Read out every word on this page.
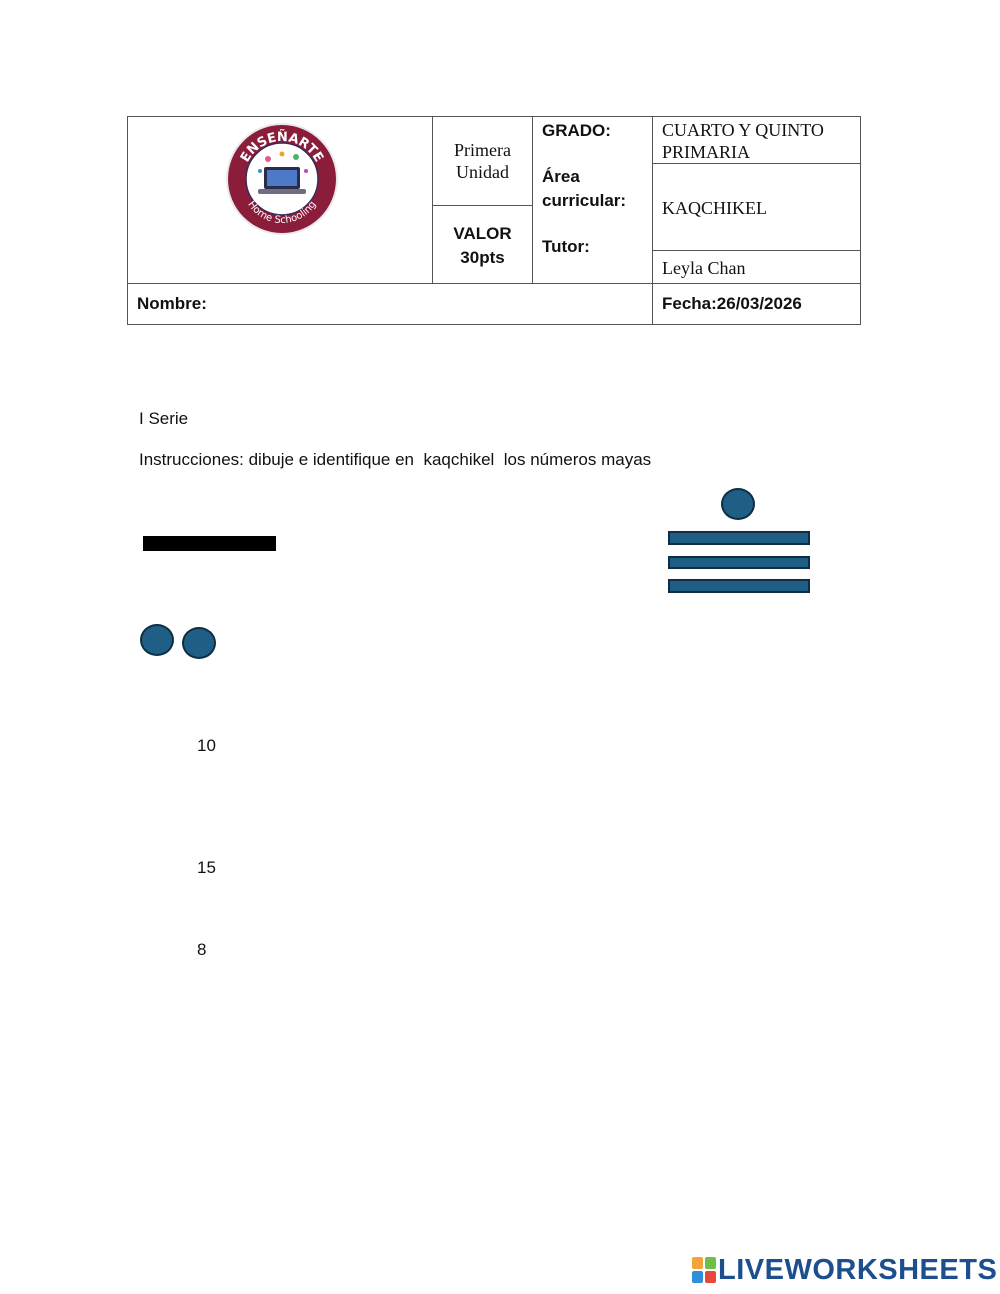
ENSEÑARTE
Home Schooling
Primera
Unidad
VALOR
30pts
GRADO:
Área
curricular:
Tutor:
CUARTO Y QUINTO
PRIMARIA
KAQCHIKEL
Leyla Chan
Nombre:	Fecha:26/03/2026
I Serie
Instrucciones: dibuje e identifique en  kaqchikel  los números mayas
10
15
8
LIVEWORKSHEETS
